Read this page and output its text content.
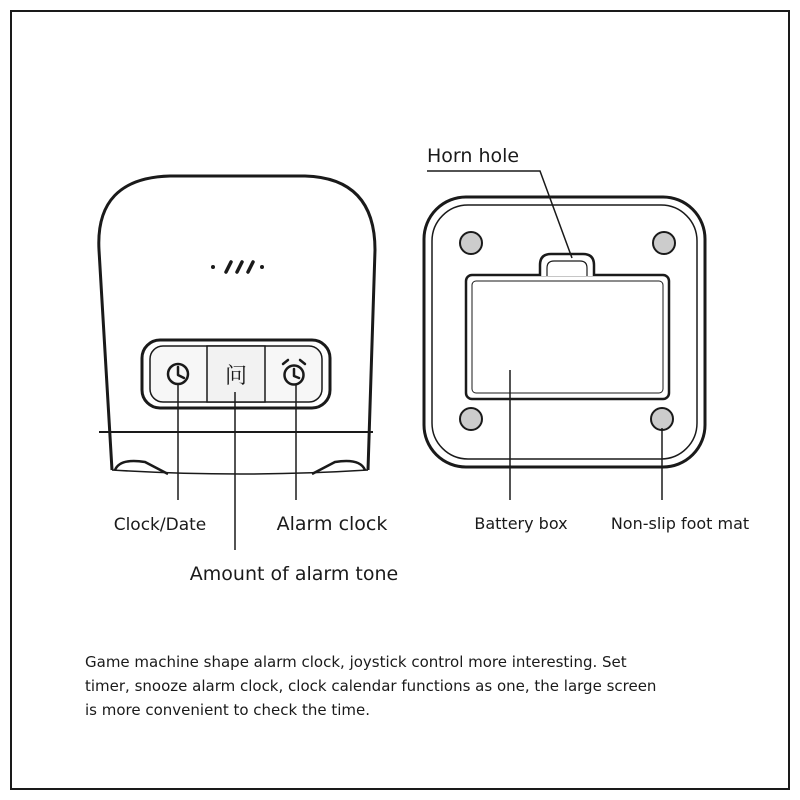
问
Clock/Date	Alarm clock
Amount of alarm tone
Horn hole
Battery box	Non-slip foot mat
Game machine shape alarm clock, joystick control more interesting. Set
timer, snooze alarm clock, clock calendar functions as one, the large screen
is more convenient to check the time.
